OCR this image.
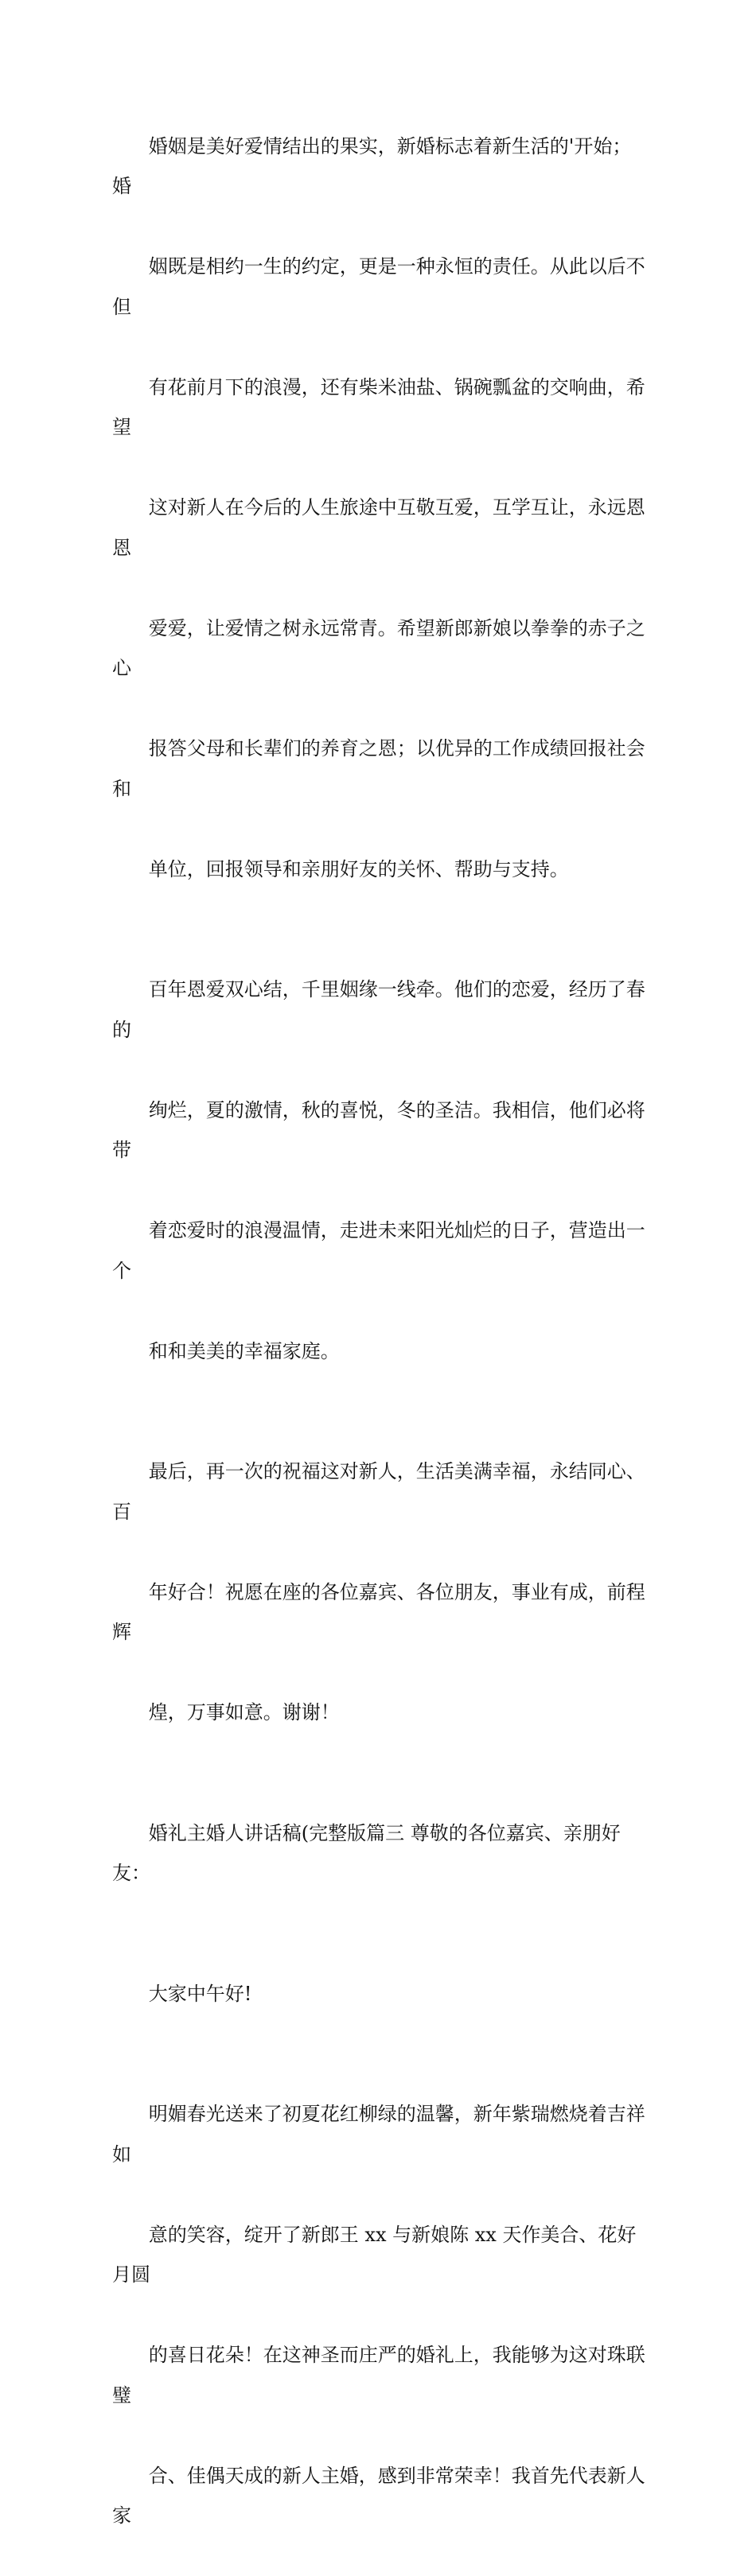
婚姻是美好爱情结出的果实，新婚标志着新生活的'开始；婚

姻既是相约一生的约定，更是一种永恒的责任。从此以后不但

有花前月下的浪漫，还有柴米油盐、锅碗瓢盆的交响曲，希望

这对新人在今后的人生旅途中互敬互爱，互学互让，永远恩恩

爱爱，让爱情之树永远常青。希望新郎新娘以拳拳的赤子之心

报答父母和长辈们的养育之恩；以优异的工作成绩回报社会和

单位，回报领导和亲朋好友的关怀、帮助与支持。

百年恩爱双心结，千里姻缘一线牵。他们的恋爱，经历了春的

绚烂，夏的激情，秋的喜悦，冬的圣洁。我相信，他们必将带

着恋爱时的浪漫温情，走进未来阳光灿烂的日子，营造出一个

和和美美的幸福家庭。

最后，再一次的祝福这对新人，生活美满幸福，永结同心、百

年好合！祝愿在座的各位嘉宾、各位朋友，事业有成，前程辉

煌，万事如意。谢谢！

婚礼主婚人讲话稿(完整版篇三 尊敬的各位嘉宾、亲朋好友：

大家中午好!

明媚春光送来了初夏花红柳绿的温馨，新年紫瑞燃烧着吉祥如

意的笑容，绽开了新郎王 xx 与新娘陈 xx 天作美合、花好月圆

的喜日花朵！在这神圣而庄严的婚礼上，我能够为这对珠联璧

合、佳偶天成的新人主婚，感到非常荣幸！我首先代表新人家
